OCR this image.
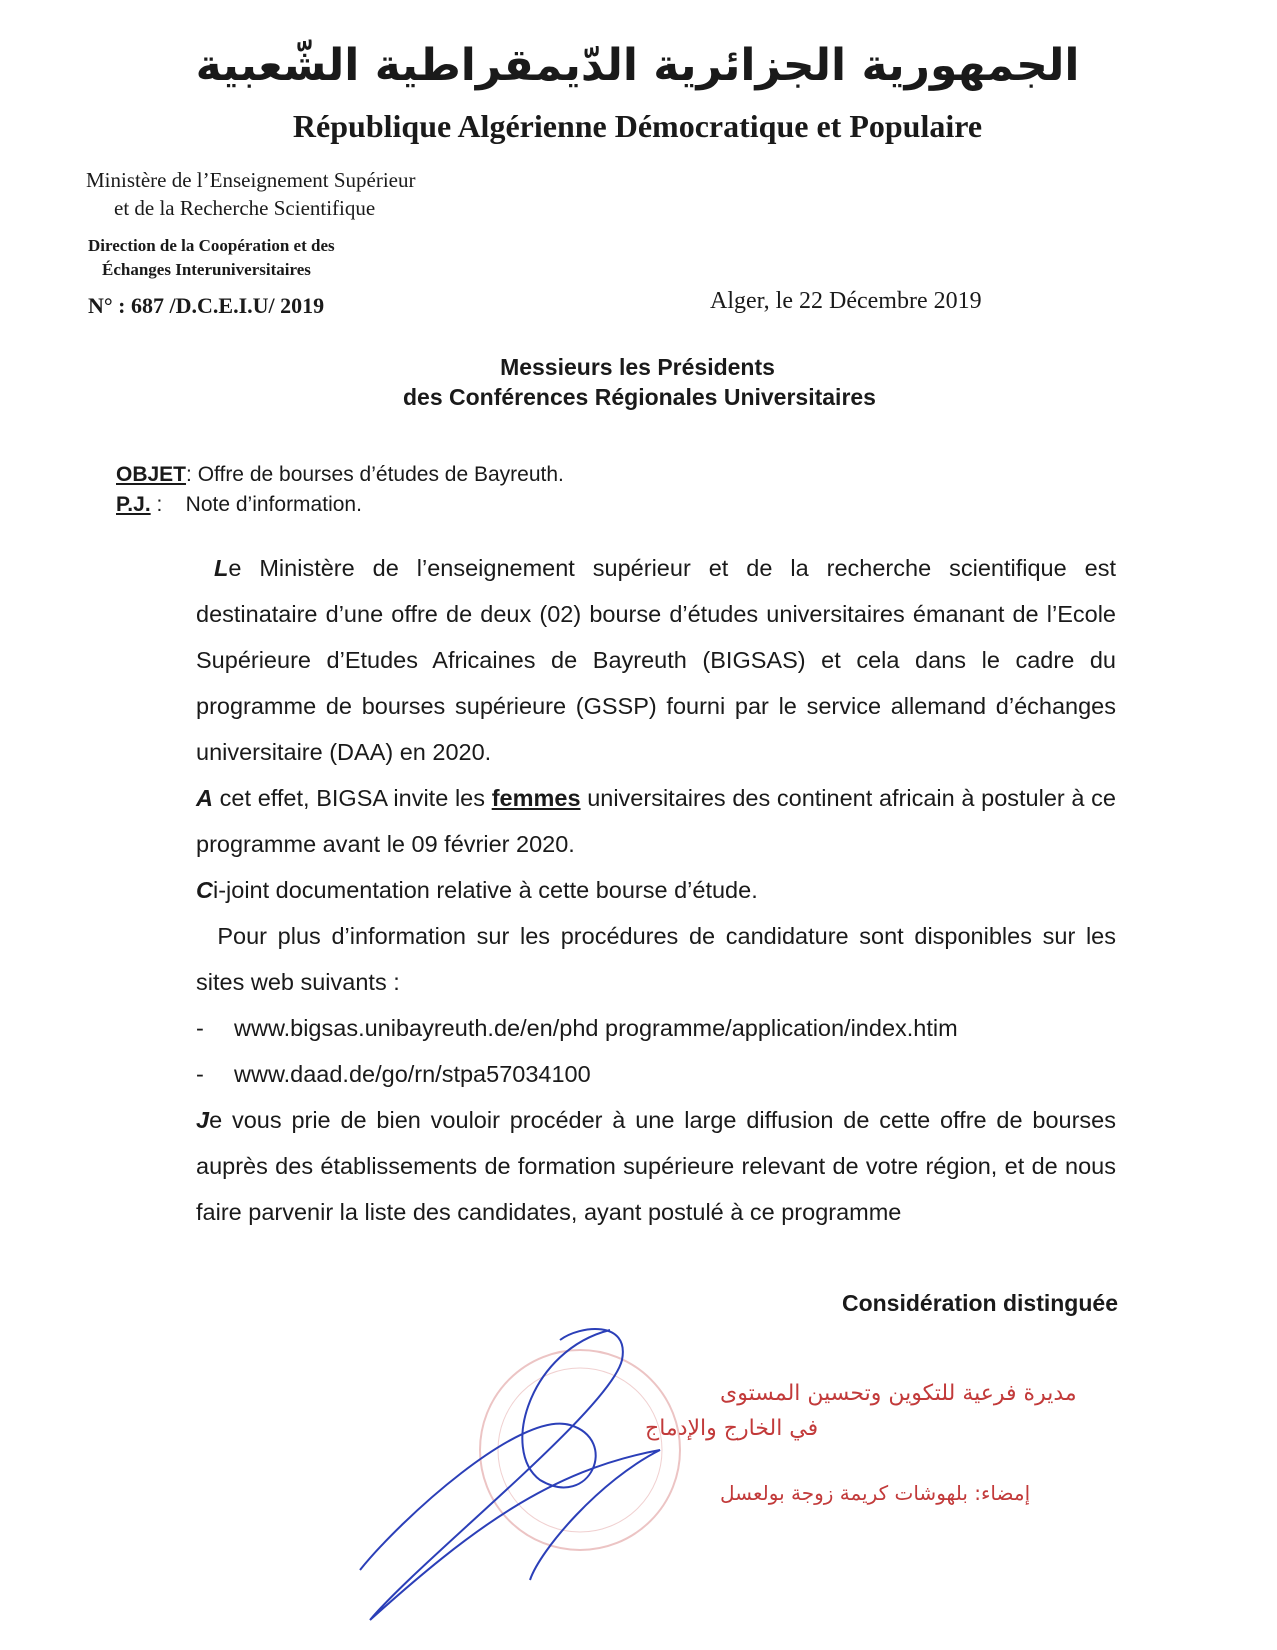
الجمهورية الجزائرية الدّيمقراطية الشّعبية
République Algérienne Démocratique et Populaire
Ministère de l’Enseignement Supérieur
et de la Recherche Scientifique
Direction de la Coopération et des
Échanges Interuniversitaires
N° : 687 /D.C.E.I.U/ 2019	Alger, le 22 Décembre 2019
Messieurs les Présidents
des Conférences Régionales Universitaires
OBJET: Offre de bourses d’études de Bayreuth.
P.J. :    Note d’information.

Le Ministère de l’enseignement supérieur et de la recherche scientifique est destinataire d’une offre de deux (02) bourse d’études universitaires émanant de l’Ecole Supérieure d’Etudes Africaines de Bayreuth (BIGSAS) et cela dans le cadre du programme de bourses supérieure (GSSP) fourni par le service allemand d’échanges universitaire (DAA) en 2020.

A cet effet, BIGSA invite les femmes universitaires des continent africain à postuler à ce programme avant le 09 février 2020.

Ci-joint documentation relative à cette bourse d’étude.

Pour plus d’information sur les procédures de candidature sont disponibles sur les sites web suivants :

- www.bigsas.unibayreuth.de/en/phd programme/application/index.htim

- www.daad.de/go/rn/stpa57034100

Je vous prie de bien vouloir procéder à une large diffusion de cette offre de bourses auprès des établissements de formation supérieure relevant de votre région, et de nous faire parvenir la liste des candidates, ayant postulé à ce programme

Considération distinguée
مديرة فرعية للتكوين وتحسين المستوى
في الخارج والإدماج
إمضاء: بلهوشات كريمة زوجة بولعسل
